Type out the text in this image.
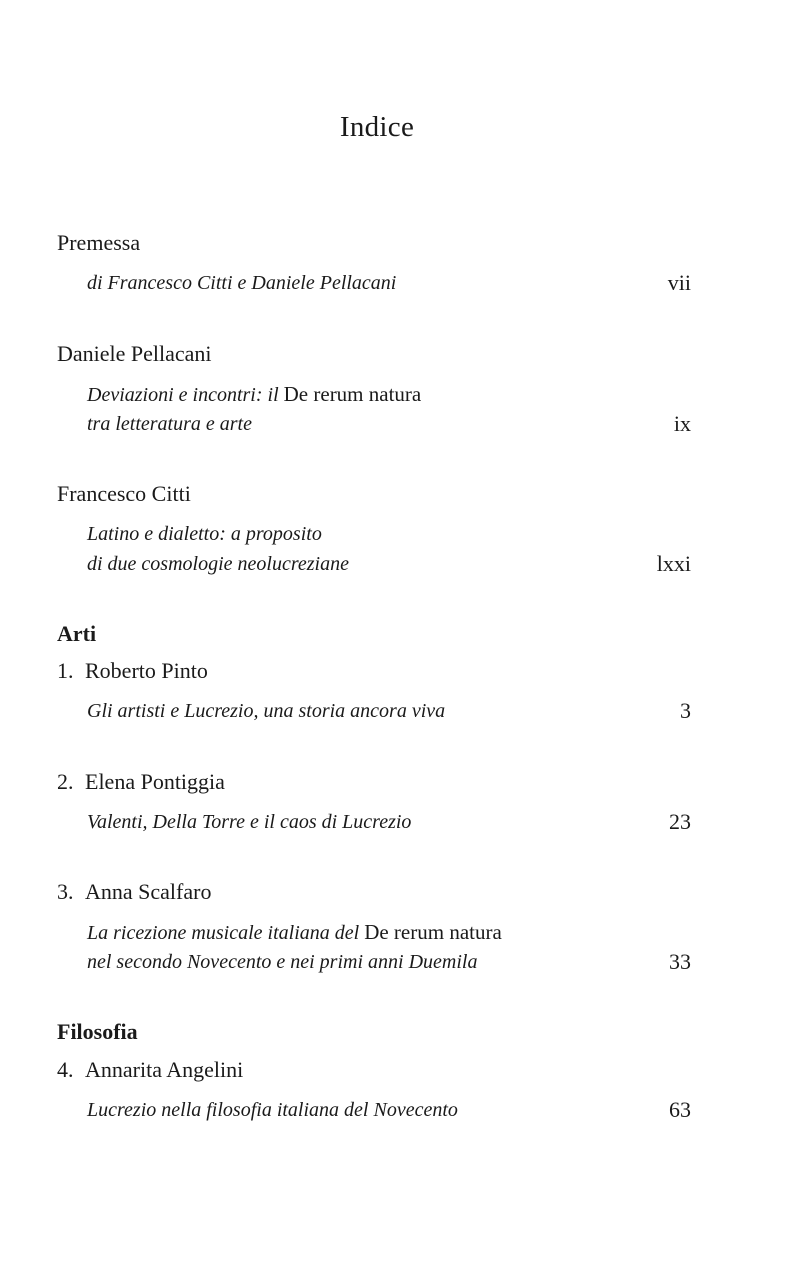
Indice
Premessa
di Francesco Citti e Daniele Pellacani	vii
Daniele Pellacani
Deviazioni e incontri: il De rerum natura
tra letteratura e arte	ix
Francesco Citti
Latino e dialetto: a proposito
di due cosmologie neolucreziane	lxxi
Arti
1. Roberto Pinto
Gli artisti e Lucrezio, una storia ancora viva	3
2. Elena Pontiggia
Valenti, Della Torre e il caos di Lucrezio	23
3. Anna Scalfaro
La ricezione musicale italiana del De rerum natura
nel secondo Novecento e nei primi anni Duemila	33
Filosofia
4. Annarita Angelini
Lucrezio nella filosofia italiana del Novecento	63
